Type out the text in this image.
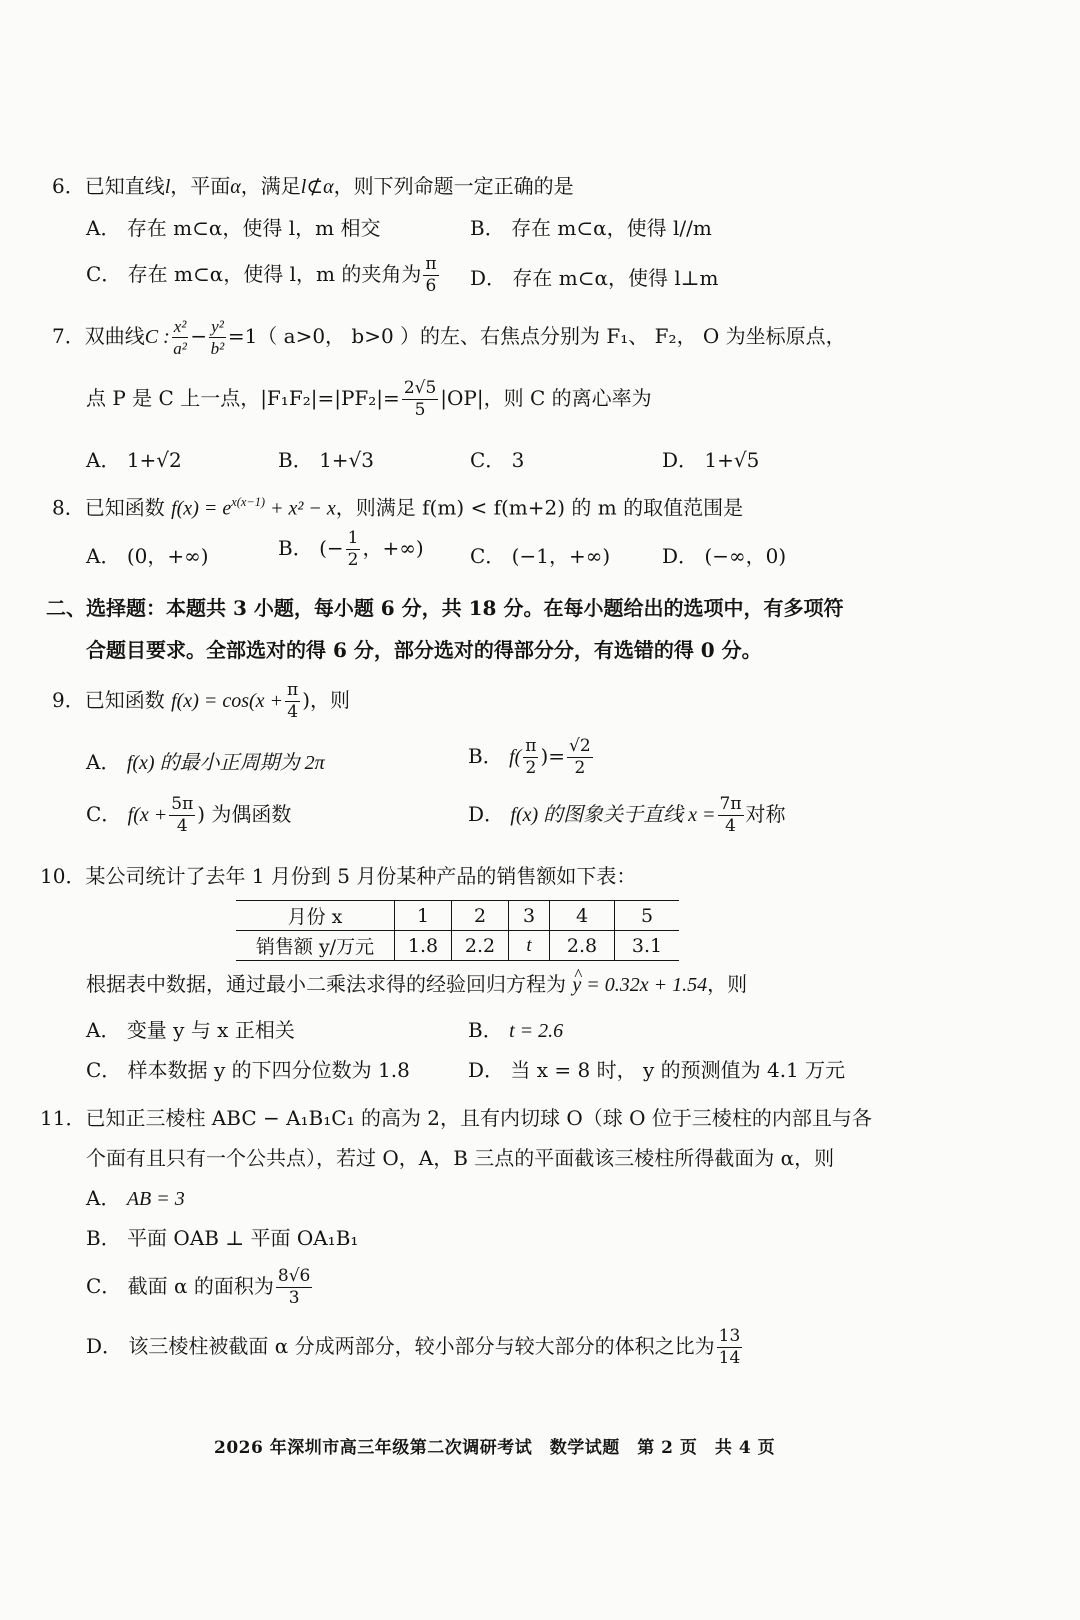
6．已知直线l，平面α，满足l⊄α，则下列命题一定正确的是
A． 存在 m⊂α，使得 l，m 相交	B． 存在 m⊂α，使得 l//m
C． 存在 m⊂α，使得 l，m 的夹角为 $\frac{\pi}{6}$ D． 存在 m⊂α，使得 l⊥m
7．双曲线C : $\frac{\text{x²}}{\text{a²}} - \frac{\text{y²}}{\text{b²}} =1$（ a>0， b>0 ）的左、右焦点分别为 F₁、 F₂， O 为坐标原点，
点 P 是 C 上一点，$|F_1F_2|=|PF_2|= \frac{2√5}{5} |OP|$，则 C 的离心率为
A． 1+√2	B． 1+√3	C． 3	D． 1+√5
8．已知函数 $f(x) = e^{x(x-1)} + x^2 - x$，则满足 f(m) < f(m+2) 的 m 的取值范围是
A． (0，+∞)	B． (− $\frac{1}{2}$ ，+∞) C． (−1，+∞)	D． (−∞，0)
二、选择题：本题共 3 小题，每小题 6 分，共 18 分。在每小题给出的选项中，有多项符
合题目要求。全部选对的得 6 分，部分选对的得部分分，有选错的得 0 分。
9．已知函数 $f(x) = \cos(x + \frac{\pi}{4}$ )，则
A． f(x) 的最小正周期为 2π	B． $f( \frac{\pi}{2}$ )= $\frac{√2}{2}$
C． $f(x + \frac{5\pi}{4}$ ) 为偶函数	D． f(x) 的图象关于直线 $x = \frac{7\pi}{4}$ 对称
10．某公司统计了去年 1 月份到 5 月份某种产品的销售额如下表：
月份 x	1	2	3	4	5
销售额 y/万元	1.8	2.2	t	2.8	3.1
根据表中数据，通过最小二乘法求得的经验回归方程为 ^ y = 0.32x + 1.54，则
A． 变量 y 与 x 正相关	B． t = 2.6
C． 样本数据 y 的下四分位数为 1.8	D． 当 x = 8 时， y 的预测值为 4.1 万元
11．已知正三棱柱 ABC − A₁B₁C₁ 的高为 2，且有内切球 O（球 O 位于三棱柱的内部且与各
个面有且只有一个公共点），若过 O，A，B 三点的平面截该三棱柱所得截面为 α，则
A． AB = 3
B． 平面 OAB ⊥ 平面 OA₁B₁
C． 截面 α 的面积为 $\frac{8√6}{3}$
D． 该三棱柱被截面 α 分成两部分，较小部分与较大部分的体积之比为 $\frac{13}{14}$
2026 年深圳市高三年级第二次调研考试　数学试题　第 2 页　共 4 页
